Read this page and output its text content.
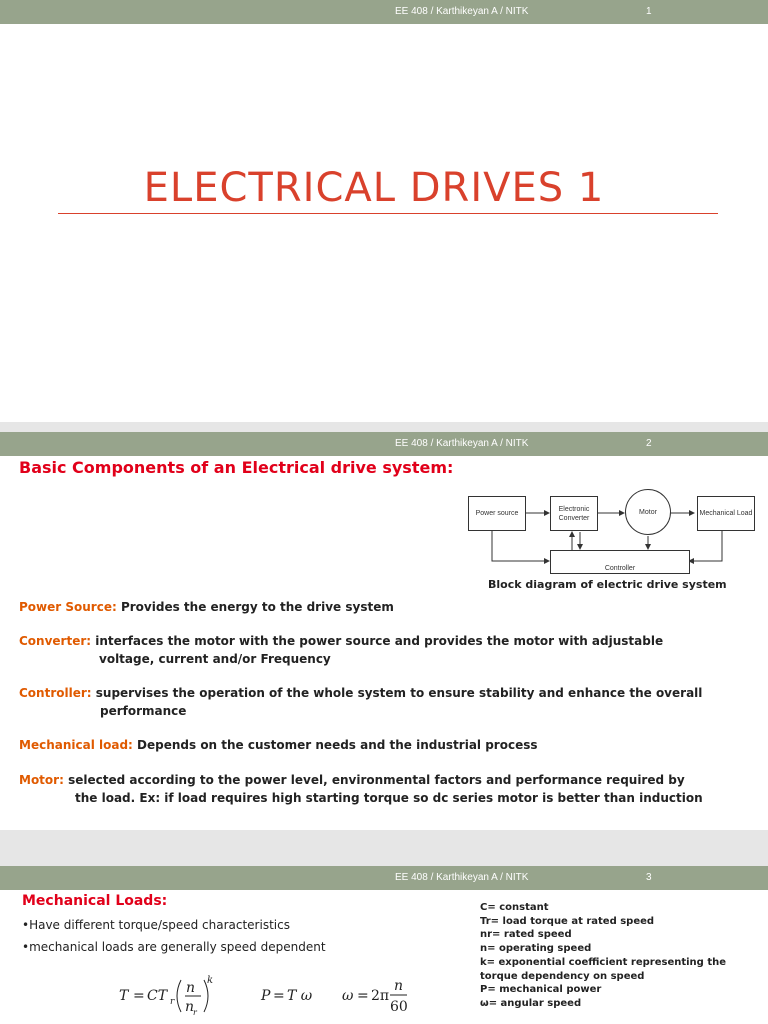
EE 408 / Karthikeyan A / NITK	1
ELECTRICAL DRIVES 1
EE 408 / Karthikeyan A / NITK	2
Basic Components of an Electrical drive system:
Power source
Electronic Converter
Motor	Mechanical Load
Controller
Block diagram of electric drive system
Power Source: Provides the energy to the drive system
Converter: interfaces the motor with the power source and provides the motor with adjustable
voltage, current and/or Frequency
Controller: supervises the operation of the whole system to ensure stability and enhance the overall
performance
Mechanical load: Depends on the customer needs and the industrial process
Motor: selected according to the power level, environmental factors and performance required by
the load. Ex: if load requires high starting torque so dc series motor is better than induction
EE 408 / Karthikeyan A / NITK	3
Mechanical Loads:
•Have different torque/speed characteristics
•mechanical loads are generally speed dependent
C= constant
Tr= load torque at rated speed
nr= rated speed
n= operating speed
k= exponential coefficient representing the
torque dependency on speed
P= mechanical power
ω= angular speed
T = CT r
n
n
r
k
P = T ω ω = 2π
n
60
